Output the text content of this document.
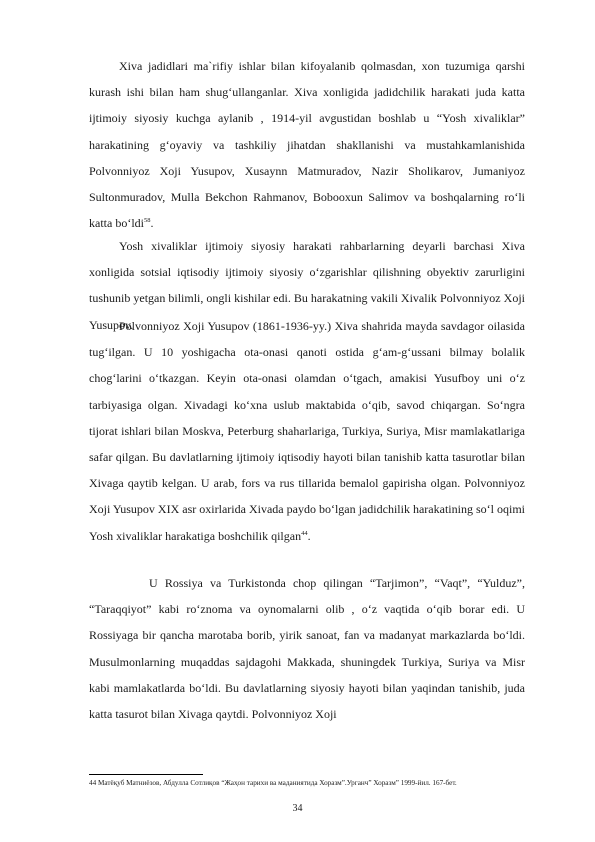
Xiva jadidlari ma`rifiy ishlar bilan kifoyalanib qolmasdan, xon tuzumiga qarshi kurash ishi bilan ham shug‘ullanganlar. Xiva xonligida jadidchilik harakati juda katta ijtimoiy siyosiy kuchga aylanib , 1914-yil avgustidan boshlab u “Yosh xivaliklar” harakatining g‘oyaviy va tashkiliy jihatdan shakllanishi va mustahkamlanishida Polvonniyoz Xoji Yusupov, Xusaynn Matmuradov, Nazir Sholikarov, Jumaniyoz Sultonmuradov, Mulla Bekchon Rahmanov, Bobooxun Salimov va boshqalarning ro‘li katta bo‘ldi$^{58}$.

Yosh xivaliklar ijtimoiy siyosiy harakati rahbarlarning deyarli barchasi Xiva xonligida sotsial iqtisodiy ijtimoiy siyosiy o‘zgarishlar qilishning obyektiv zarurligini tushunib yetgan bilimli, ongli kishilar edi. Bu harakatning vakili Xivalik Polvonniyoz Xoji Yusupov.

Polvonniyoz Xoji Yusupov (1861-1936-yy.) Xiva shahrida mayda savdagor oilasida tug‘ilgan. U 10 yoshigacha ota-onasi qanoti ostida g‘am-g‘ussani bilmay bolalik chog‘larini o‘tkazgan. Keyin ota-onasi olamdan o‘tgach, amakisi Yusufboy uni o‘z tarbiyasiga olgan. Xivadagi ko‘xna uslub maktabida o‘qib, savod chiqargan. So‘ngra tijorat ishlari bilan Moskva, Peterburg shaharlariga, Turkiya, Suriya, Misr mamlakatlariga safar qilgan. Bu davlatlarning ijtimoiy iqtisodiy hayoti bilan tanishib katta tasurotlar bilan Xivaga qaytib kelgan. U arab, fors va rus tillarida bemalol gapirisha olgan. Polvonniyoz Xoji Yusupov XIX asr oxirlarida Xivada paydo bo‘lgan jadidchilik harakatining so‘l oqimi Yosh xivaliklar harakatiga boshchilik qilgan$^{44}$.

U Rossiya va Turkistonda chop qilingan “Tarjimon”, “Vaqt”, “Yulduz”, “Taraqqiyot” kabi ro‘znoma va oynomalarni olib , o‘z vaqtida o‘qib borar edi. U Rossiyaga bir qancha marotaba borib, yirik sanoat, fan va madanyat markazlarda bo‘ldi. Musulmonlarning muqaddas sajdagohi Makkada, shuningdek Turkiya, Suriya va Misr kabi mamlakatlarda bo‘ldi. Bu davlatlarning siyosiy hayoti bilan yaqindan tanishib, juda katta tasurot bilan Xivaga qaytdi. Polvonniyoz Xoji

44 Матёқуб Матниёзов, Абдулла Сотлиқов “Жаҳон тарихи ва маданиятида Хоразм”.Урганч” Хоразм” 1999-йил. 167-бет.

34
